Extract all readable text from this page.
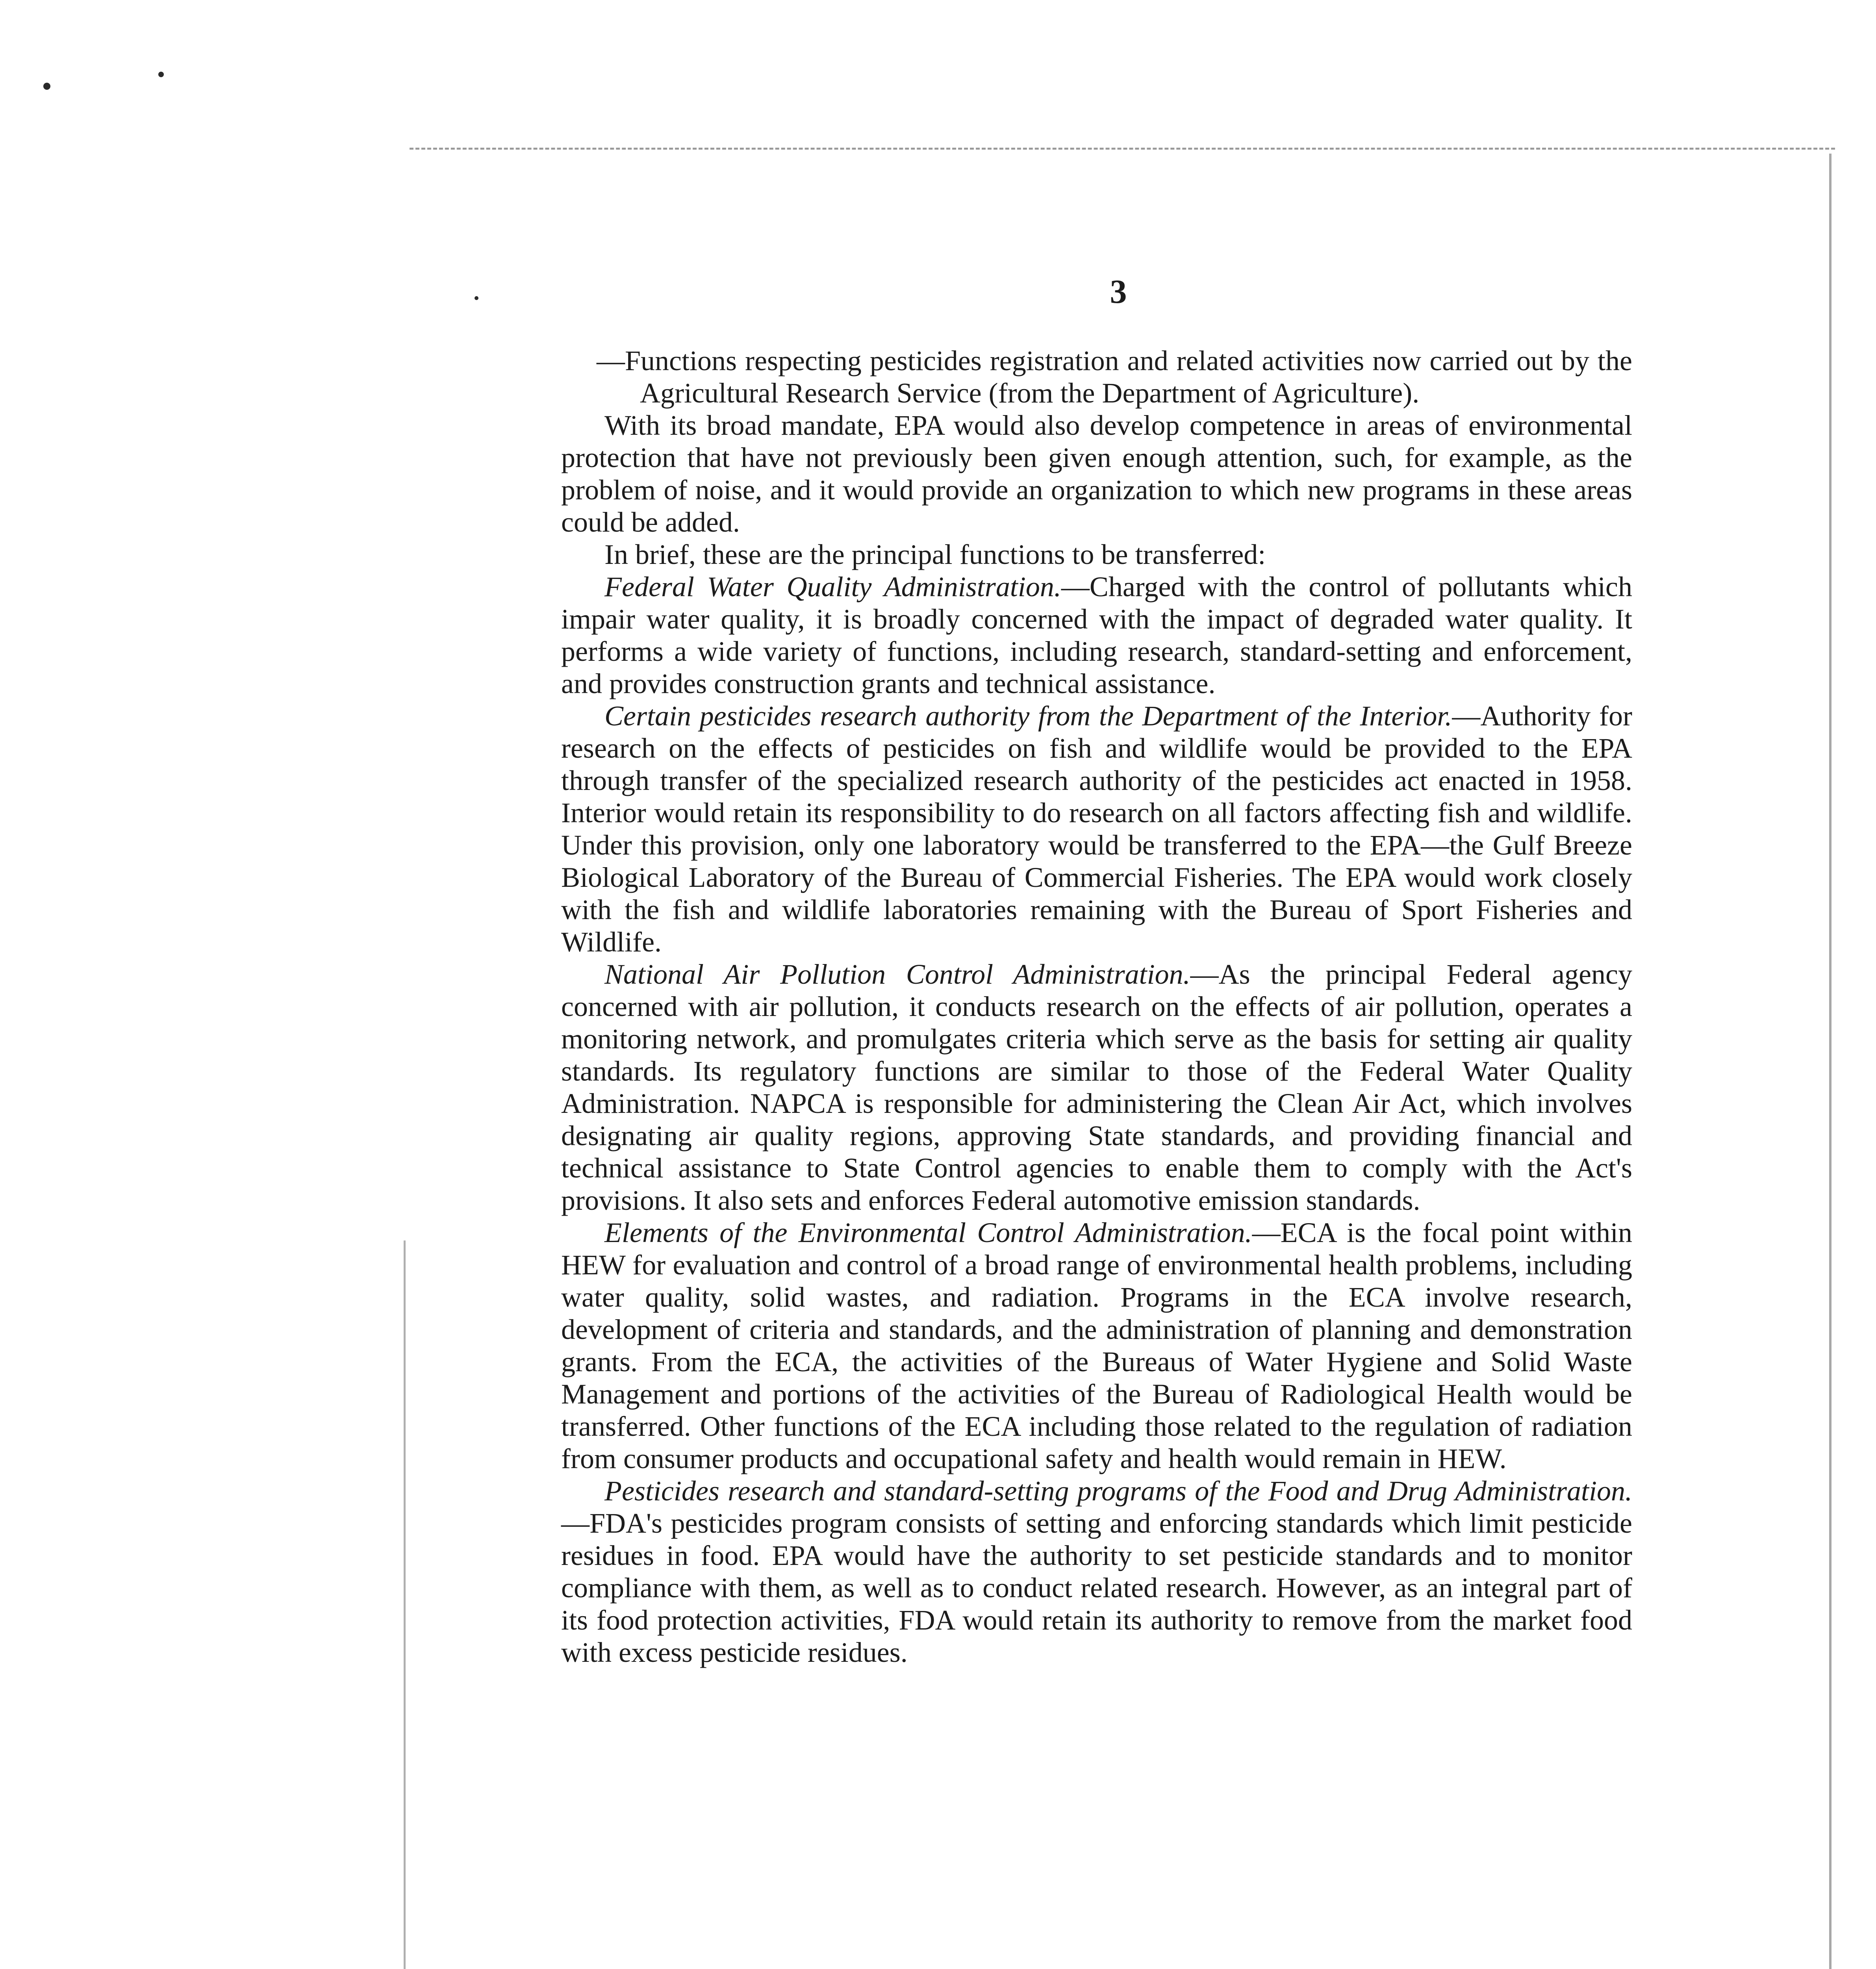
3

—Functions respecting pesticides registration and related activities now carried out by the Agricultural Research Service (from the Department of Agriculture).

With its broad mandate, EPA would also develop competence in areas of environmental protection that have not previously been given enough attention, such, for example, as the problem of noise, and it would provide an organization to which new programs in these areas could be added.

In brief, these are the principal functions to be transferred:

Federal Water Quality Administration.—Charged with the control of pollutants which impair water quality, it is broadly concerned with the impact of degraded water quality. It performs a wide variety of functions, including research, standard-setting and enforcement, and provides construction grants and technical assistance.

Certain pesticides research authority from the Department of the Interior.—Authority for research on the effects of pesticides on fish and wildlife would be provided to the EPA through transfer of the specialized research authority of the pesticides act enacted in 1958. Interior would retain its responsibility to do research on all factors affecting fish and wildlife. Under this provision, only one laboratory would be transferred to the EPA—the Gulf Breeze Biological Laboratory of the Bureau of Commercial Fisheries. The EPA would work closely with the fish and wildlife laboratories remaining with the Bureau of Sport Fisheries and Wildlife.

National Air Pollution Control Administration.—As the principal Federal agency concerned with air pollution, it conducts research on the effects of air pollution, operates a monitoring network, and promulgates criteria which serve as the basis for setting air quality standards. Its regulatory functions are similar to those of the Federal Water Quality Administration. NAPCA is responsible for administering the Clean Air Act, which involves designating air quality regions, approving State standards, and providing financial and technical assistance to State Control agencies to enable them to comply with the Act's provisions. It also sets and enforces Federal automotive emission standards.

Elements of the Environmental Control Administration.—ECA is the focal point within HEW for evaluation and control of a broad range of environmental health problems, including water quality, solid wastes, and radiation. Programs in the ECA involve research, development of criteria and standards, and the administration of planning and demonstration grants. From the ECA, the activities of the Bureaus of Water Hygiene and Solid Waste Management and portions of the activities of the Bureau of Radiological Health would be transferred. Other functions of the ECA including those related to the regulation of radiation from consumer products and occupational safety and health would remain in HEW.

Pesticides research and standard-setting programs of the Food and Drug Administration.—FDA's pesticides program consists of setting and enforcing standards which limit pesticide residues in food. EPA would have the authority to set pesticide standards and to monitor compliance with them, as well as to conduct related research. However, as an integral part of its food protection activities, FDA would retain its authority to remove from the market food with excess pesticide residues.
